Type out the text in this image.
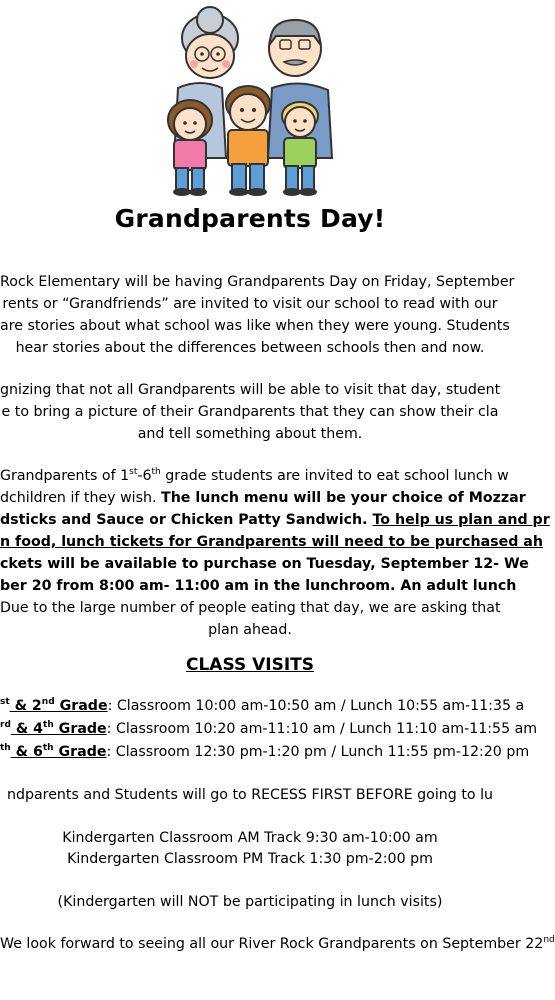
Grandparents Day!
Rock Elementary will be having Grandparents Day on Friday, September
rents or “Grandfriends” are invited to visit our school to read with our
are stories about what school was like when they were young. Students
hear stories about the differences between schools then and now.
gnizing that not all Grandparents will be able to visit that day, student
e to bring a picture of their Grandparents that they can show their cla
and tell something about them.
Grandparents of 1st-6th grade students are invited to eat school lunch w
dchildren if they wish. The lunch menu will be your choice of Mozzar
dsticks and Sauce or Chicken Patty Sandwich. To help us plan and pr
n food, lunch tickets for Grandparents will need to be purchased ah
ckets will be available to purchase on Tuesday, September 12- We
ber 20 from 8:00 am- 11:00 am in the lunchroom. An adult lunch
Due to the large number of people eating that day, we are asking that
plan ahead.
CLASS VISITS
$^{st}$ & 2nd Grade: Classroom 10:00 am-10:50 am / Lunch 10:55 am-11:35 a
$^{rd}$ & 4th Grade: Classroom 10:20 am-11:10 am / Lunch 11:10 am-11:55 am
$^{th}$ & 6th Grade: Classroom 12:30 pm-1:20 pm / Lunch 11:55 pm-12:20 pm
ndparents and Students will go to RECESS FIRST BEFORE going to lu
Kindergarten Classroom AM Track 9:30 am-10:00 am
Kindergarten Classroom PM Track 1:30 pm-2:00 pm
(Kindergarten will NOT be participating in lunch visits)
We look forward to seeing all our River Rock Grandparents on September 22nd
